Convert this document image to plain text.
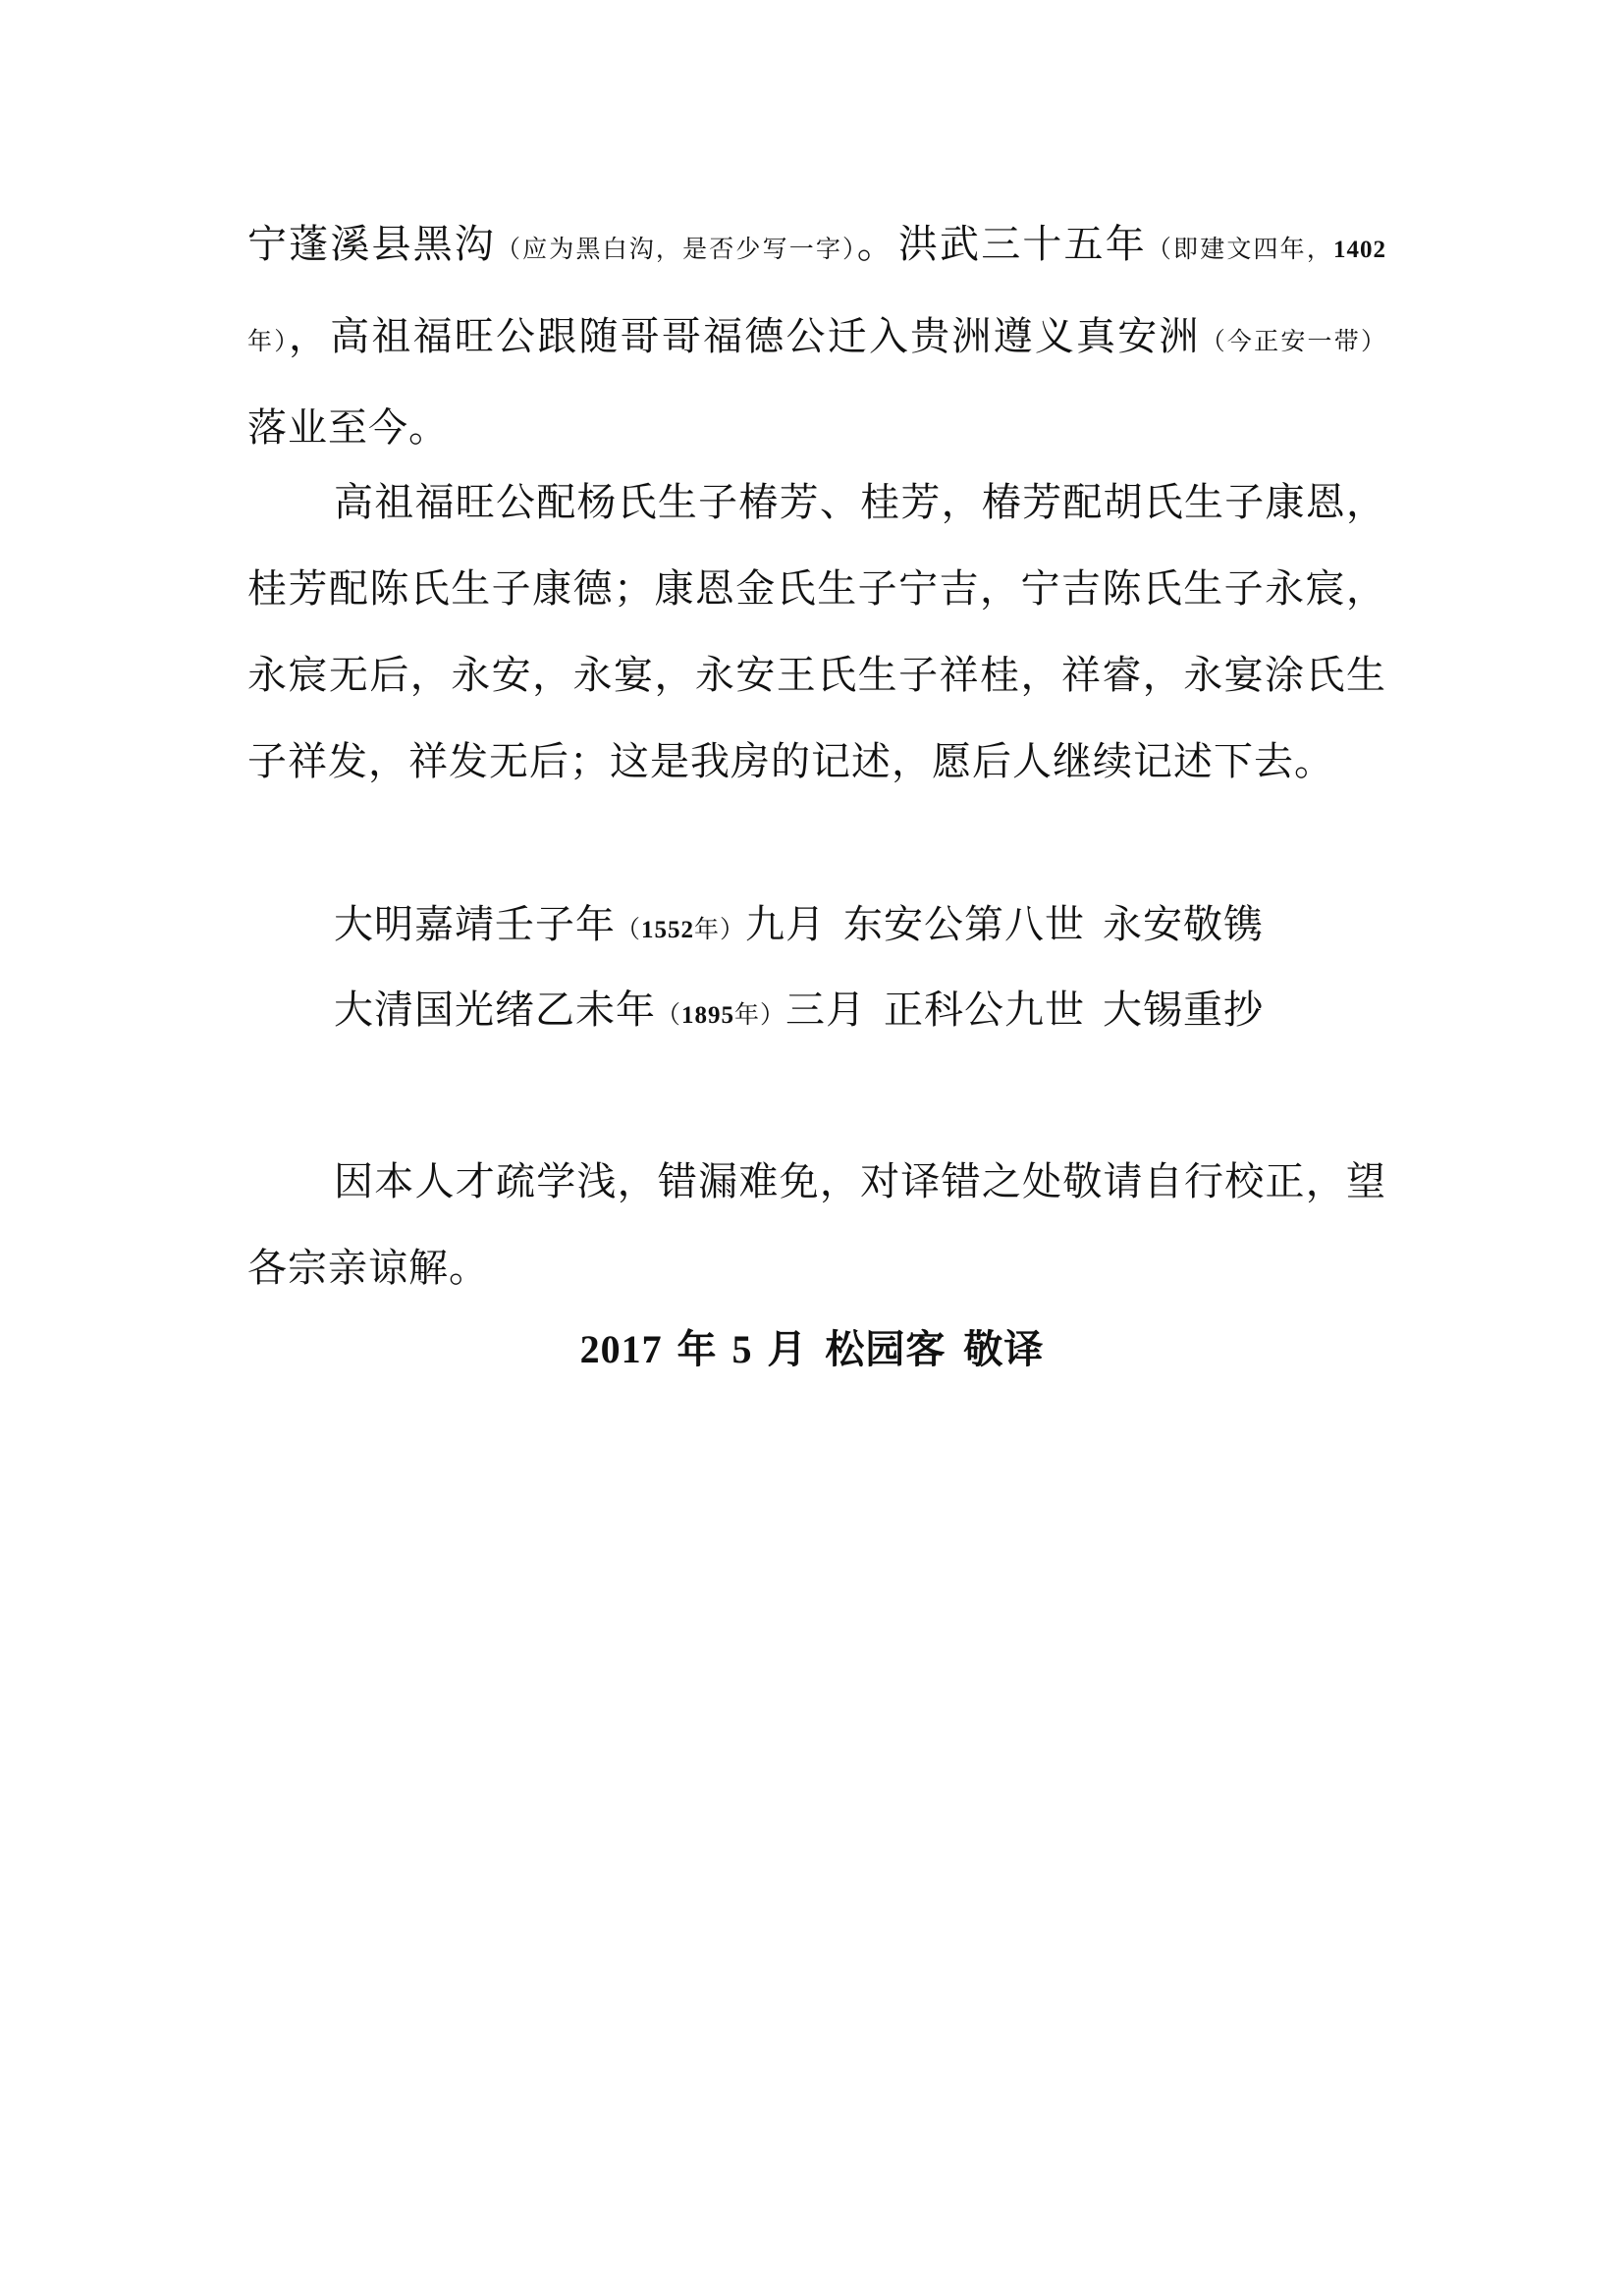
宁蓬溪县黑沟（应为黑白沟，是否少写一字）。洪武三十五年（即建文四年，1402年），高祖福旺公跟随哥哥福德公迁入贵洲遵义真安洲（今正安一带）落业至今。
高祖福旺公配杨氏生子椿芳、桂芳，椿芳配胡氏生子康恩，桂芳配陈氏生子康德；康恩金氏生子宁吉，宁吉陈氏生子永宸，永宸无后，永安，永宴，永安王氏生子祥桂，祥睿，永宴涂氏生子祥发，祥发无后；这是我房的记述，愿后人继续记述下去。
大明嘉靖壬子年（1552年）九月 东安公第八世 永安敬镌
大清国光绪乙未年（1895年）三月 正科公九世 大锡重抄
因本人才疏学浅，错漏难免，对译错之处敬请自行校正，望各宗亲谅解。
2017 年 5 月 松园客 敬译
